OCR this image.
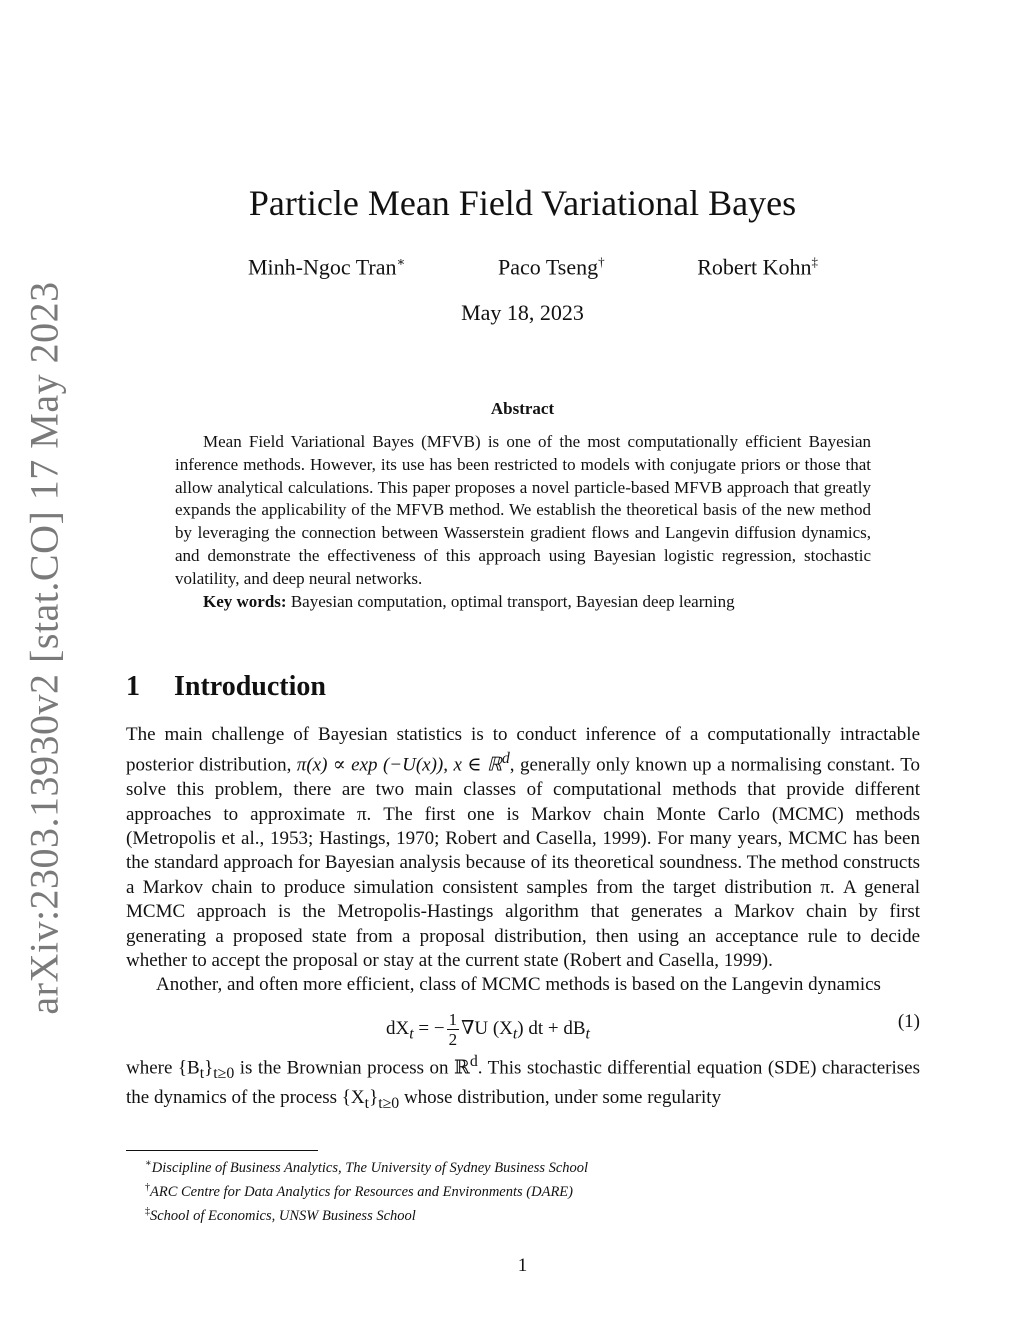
arXiv:2303.13930v2 [stat.CO] 17 May 2023
Particle Mean Field Variational Bayes
Minh-Ngoc Tran∗	Paco Tseng†	Robert Kohn‡
May 18, 2023
Abstract

Mean Field Variational Bayes (MFVB) is one of the most computationally efficient Bayesian inference methods. However, its use has been restricted to models with conjugate priors or those that allow analytical calculations. This paper proposes a novel particle-based MFVB approach that greatly expands the applicability of the MFVB method. We establish the theoretical basis of the new method by leveraging the connection between Wasserstein gradient flows and Langevin diffusion dynamics, and demonstrate the effectiveness of this approach using Bayesian logistic regression, stochastic volatility, and deep neural networks.

Key words: Bayesian computation, optimal transport, Bayesian deep learning

1 Introduction

The main challenge of Bayesian statistics is to conduct inference of a computationally intractable posterior distribution, π(x) ∝ exp (−U(x)), x ∈ ℝ$^d$, generally only known up a normalising constant. To solve this problem, there are two main classes of computational methods that provide different approaches to approximate π. The first one is Markov chain Monte Carlo (MCMC) methods (Metropolis et al., 1953; Hastings, 1970; Robert and Casella, 1999). For many years, MCMC has been the standard approach for Bayesian analysis because of its theoretical soundness. The method constructs a Markov chain to produce simulation consistent samples from the target distribution π. A general MCMC approach is the Metropolis-Hastings algorithm that generates a Markov chain by first generating a proposed state from a proposal distribution, then using an acceptance rule to decide whether to accept the proposal or stay at the current state (Robert and Casella, 1999).

Another, and often more efficient, class of MCMC methods is based on the Langevin dynamics

$dX_t$ = − $\frac{1}{2} \nabla U$ $(X_t)$ dt + $dB_t$
(1)

where $\{B_t\}_{t\ge 0}$ is the Brownian process on ℝ$^d$. This stochastic differential equation (SDE) characterises the dynamics of the process $\{X_t\}_{t\ge 0}$ whose distribution, under some regularity

∗Discipline of Business Analytics, The University of Sydney Business School
†ARC Centre for Data Analytics for Resources and Environments (DARE)
‡School of Economics, UNSW Business School
1
